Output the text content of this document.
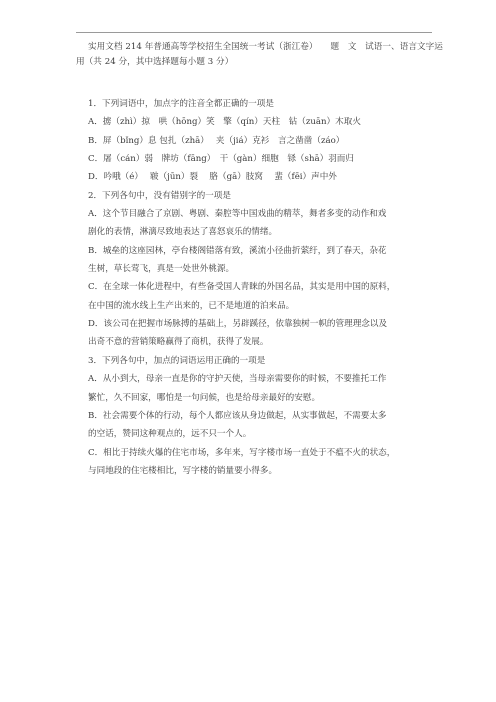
实用文档 214 年普通高等学校招生全国统一考试（浙江卷）　　题　文　试语一、语言文字运用（共 24 分，其中选择题每小题 3 分）
1．下列词语中，加点字的注音全都正确的一项是
A．掳（zhì）掠　哄（hōng）笑　擎（qín）天柱　钻（zuān）木取火
B．屏（bǐng）息 包扎（zhā）　 夹（jiá）克衫　言之凿凿（záo）
C．屠（cán）弱　牌坊（fāng）　干（gàn）细胞　铩（shā）羽而归
D．吟哦（é）　 皲（jūn）裂　 胳（gā）肢窝　 蜚（fēi）声中外
2．下列各句中，没有错别字的一项是
A．这个节目融合了京剧、粤剧、秦腔等中国戏曲的精萃，舞者多变的动作和戏
剧化的表情，淋漓尽致地表达了喜怒哀乐的情绪。
B．城垒的这座园林，亭台楼阁错落有致，溪流小径曲折萦纡，到了春天，杂花
生树，草长莺飞，真是一处世外桃源。
C．在全球一体化进程中，有些备受国人青睐的外国名品，其实是用中国的原料，
在中国的流水线上生产出来的，已不是地道的泊来品。
D．该公司在把握市场脉搏的基础上，另辟蹊径，依靠独树一帜的管理理念以及
出奇不意的营销策略赢得了商机，获得了发展。
3．下列各句中，加点的词语运用正确的一项是
A．从小到大，母亲一直是你的守护天使，当母亲需要你的时候，不要推托工作
繁忙，久不回家，哪怕是一句问候，也是给母亲最好的安慰。
B．社会需要个体的行动，每个人都应该从身边做起，从实事做起，不需要太多
的空话，赞同这种观点的，远不只一个人。
C．相比于持续火爆的住宅市场，多年来，写字楼市场一直处于不瘟不火的状态，
与同地段的住宅楼相比，写字楼的销量要小得多。
